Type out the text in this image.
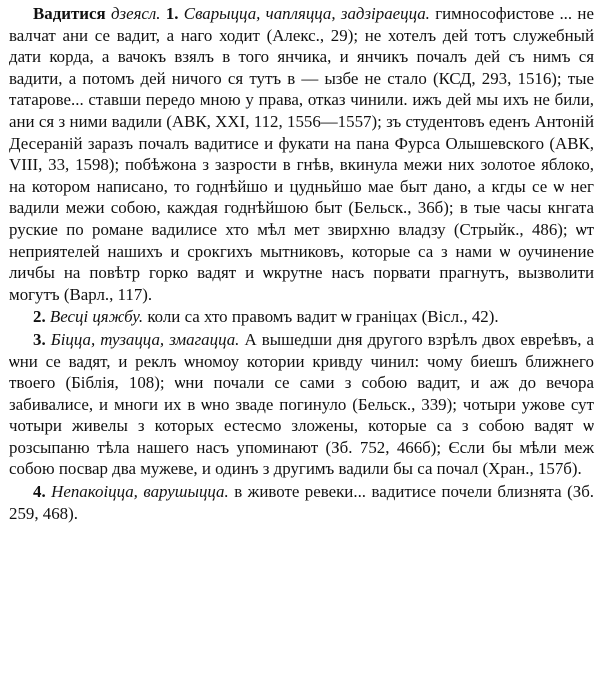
Вадитися дзеясл. 1. Сварыцца, чапляцца, задзіраецца. гимнософистове ... не валчат ани се вадит, а наго ходит (Алекс., 29); не хотелъ дей тотъ служебный дати корда, а вачокъ взялъ в того янчика, и янчикъ почалъ дей съ нимъ ся вадити, а потомъ дей ничого ся тутъ в — ызбе не стало (КСД, 293, 1516); тые татарове... ставши передо мною у права, отказ чинили. ижъ дей мы ихъ не били, ани ся з ними вадили (АВК, XXI, 112, 1556—1557); зъ студентовъ еденъ Антоній Десераній заразъ почалъ вадитисе и фукати на пана Фурса Олышевского (АВК, VIII, 33, 1598); побѣжона з зазрости в гнѣв, вкинула межи них золотое яблоко, на котором написано, то годнѣйшо и цудньйшо мае быт дано, а кгды се ѡ нег вадили межи собою, каждая годнѣйшою быт (Бельск., 36б); в тые часы кнгата руские по романе вадилисе хто мѣл мет звирхню владзу (Стрыйк., 486); ѡт неприятелей нашихъ и срокгихъ мытниковъ, которые са з нами ѡ оучинение личбы на повѣтр горко вадят и ѡкрутне насъ порвати прагнутъ, вызволити могутъ (Варл., 117).

2. Весці цяжбу. коли са хто правомъ вадит ѡ граніцах (Вісл., 42).

3. Біцца, тузацца, змагацца. А вышедши дня другого взрѣлъ двох евреѣвъ, а ѡни се вадят, и реклъ ѡномоу котории кривду чинил: чому биешъ ближнего твоего (Біблія, 108); ѡни почали се сами з собою вадит, и аж до вечора забивалисе, и многи их в ѡно зваде погинуло (Бельск., 339); чотыри ужове сут чотыри живелы з которых естесмо зложены, которые са з собою вадят ѡ розсыпаню тѣла нашего насъ упоминают (Зб. 752, 466б); Єсли бы мѣли меж собою посвар два мужеве, и одинъ з другимъ вадили бы са почал (Хран., 157б).

4. Непакоіцца, варушыцца. в животе ревеки... вадитисе почели близнята (Зб. 259, 468).
